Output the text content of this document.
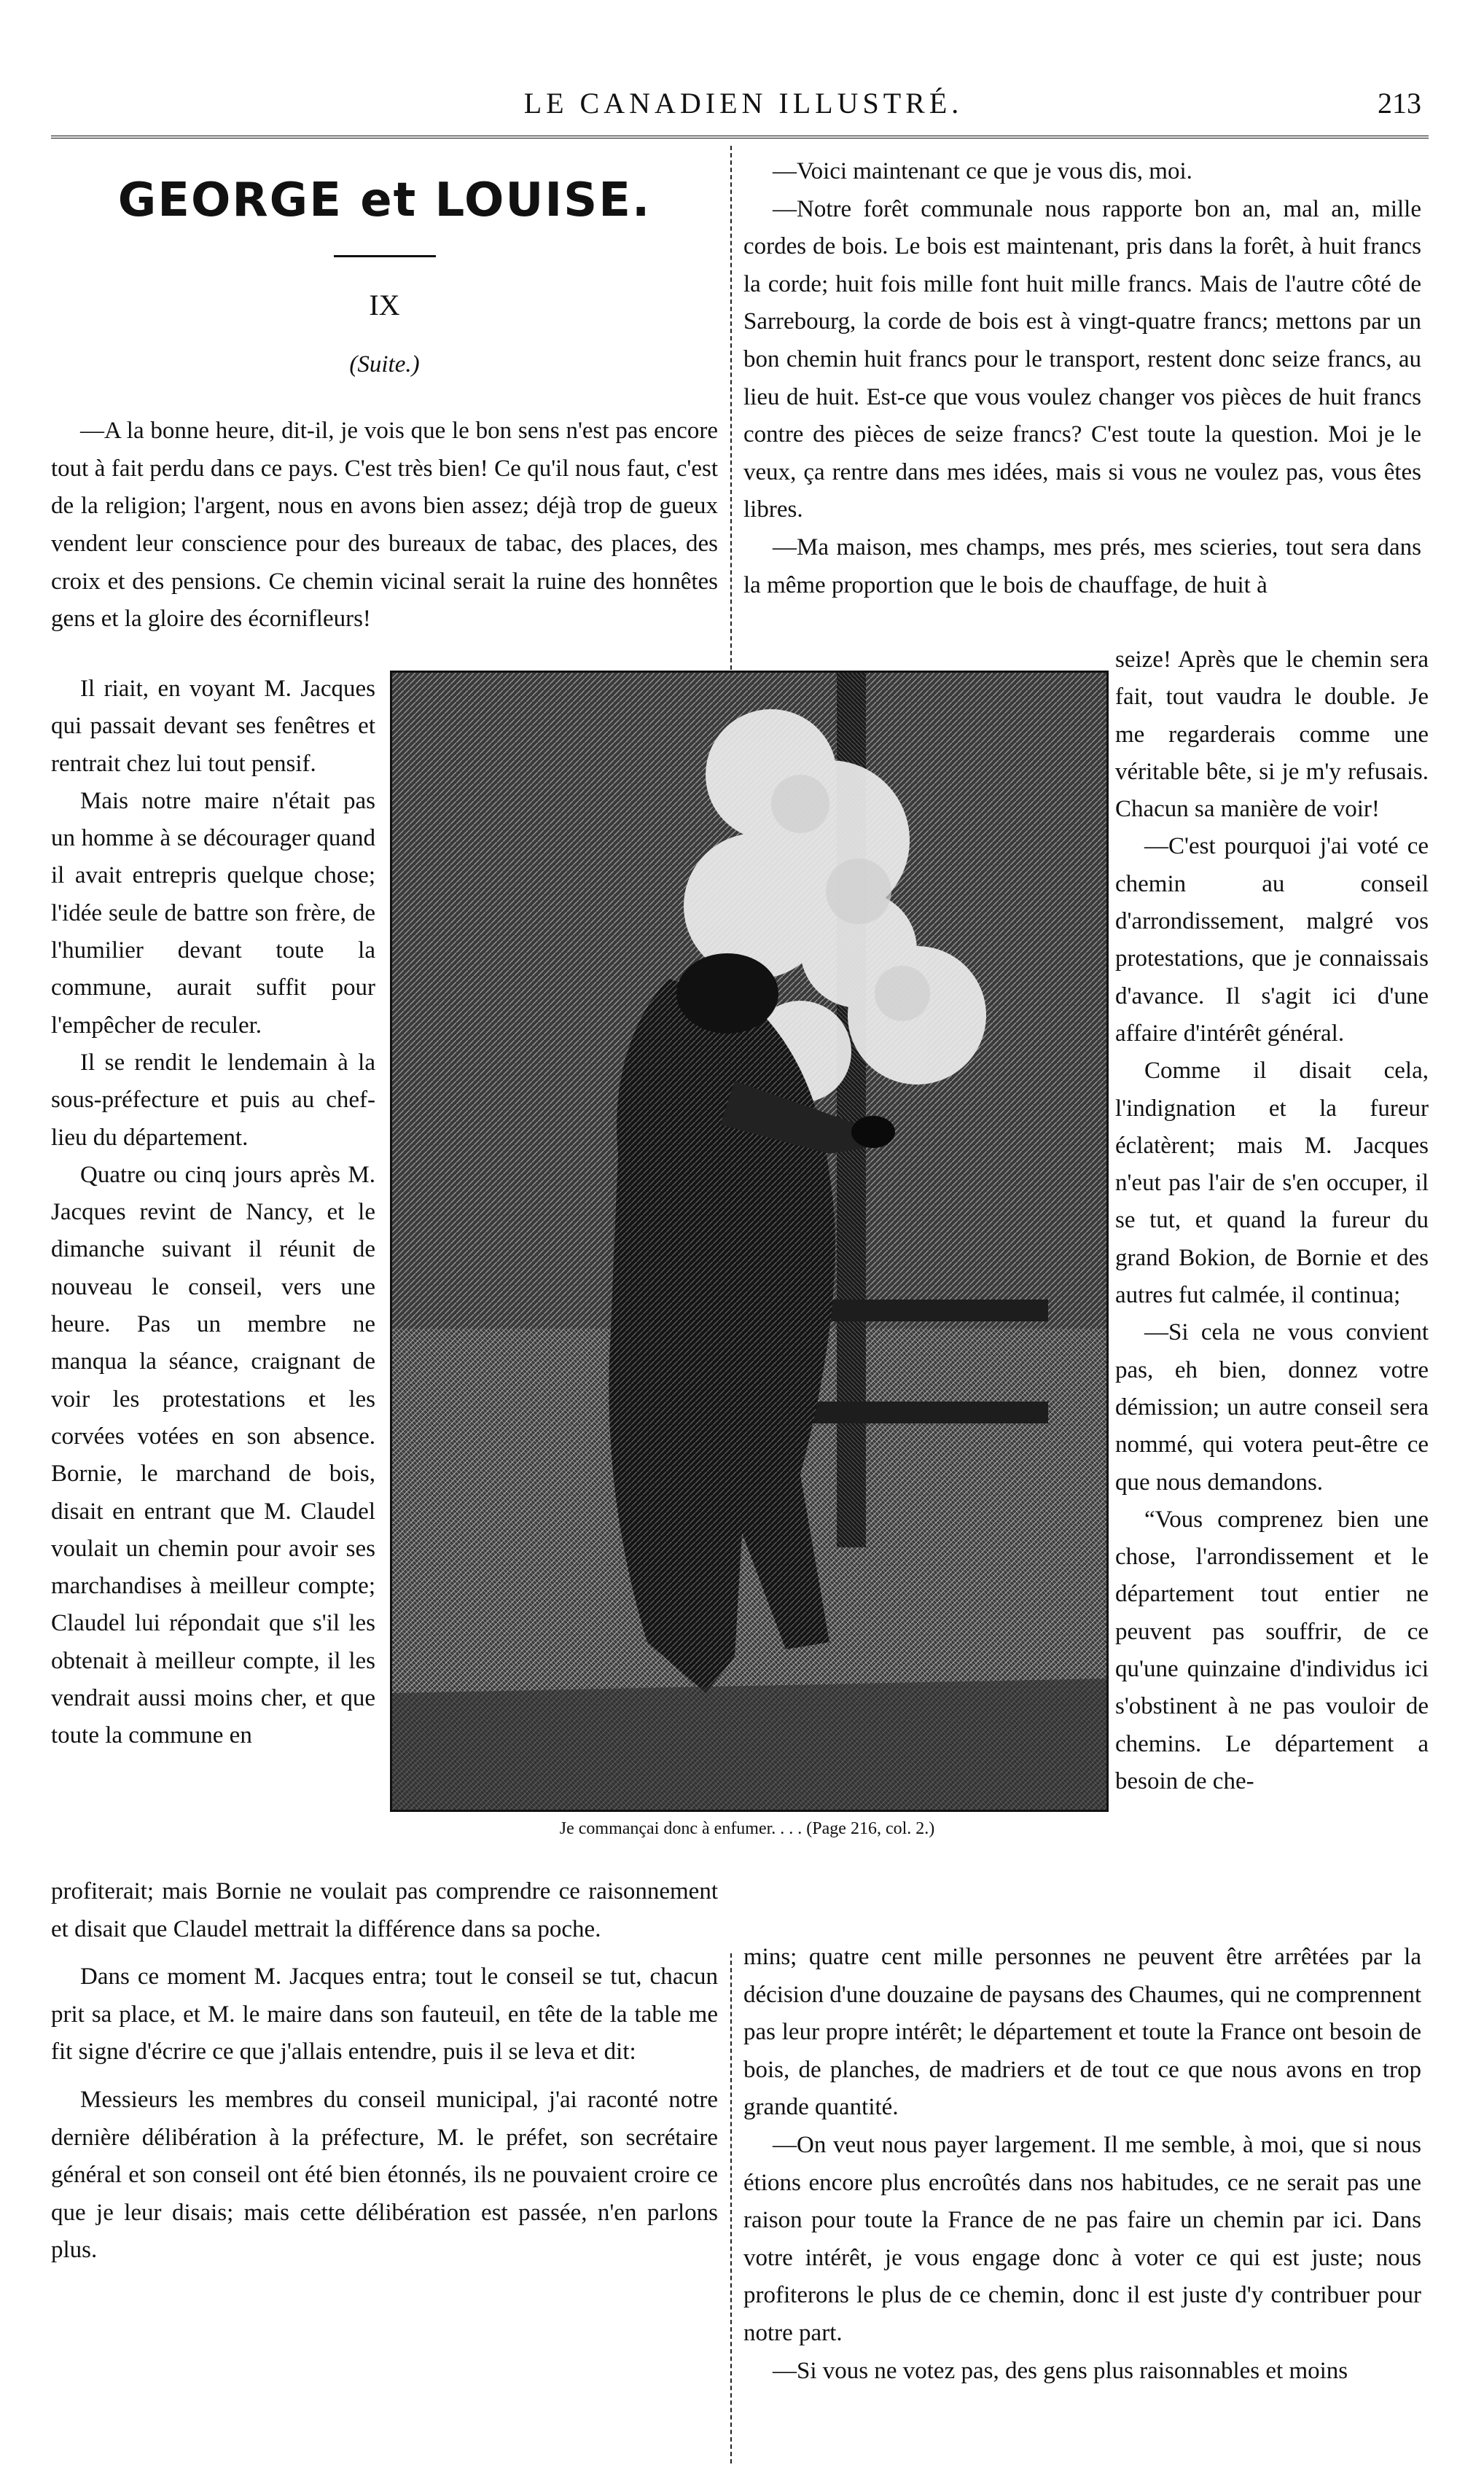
LE CANADIEN ILLUSTRÉ.	213
GEORGE et LOUISE.
IX
(Suite.)

—A la bonne heure, dit-il, je vois que le bon sens n'est pas encore tout à fait perdu dans ce pays. C'est très bien! Ce qu'il nous faut, c'est de la religion; l'argent, nous en avons bien assez; déjà trop de gueux vendent leur conscience pour des bureaux de tabac, des places, des croix et des pensions. Ce chemin vicinal serait la ruine des honnêtes gens et la gloire des écornifleurs!

—Voici maintenant ce que je vous dis, moi.

—Notre forêt communale nous rapporte bon an, mal an, mille cordes de bois. Le bois est maintenant, pris dans la forêt, à huit francs la corde; huit fois mille font huit mille francs. Mais de l'autre côté de Sarrebourg, la corde de bois est à vingt-quatre francs; mettons par un bon chemin huit francs pour le transport, restent donc seize francs, au lieu de huit. Est-ce que vous voulez changer vos pièces de huit francs contre des pièces de seize francs? C'est toute la question. Moi je le veux, ça rentre dans mes idées, mais si vous ne voulez pas, vous êtes libres.

—Ma maison, mes champs, mes prés, mes scieries, tout sera dans la même proportion que le bois de chauffage, de huit à

Il riait, en voyant M. Jacques qui passait devant ses fenêtres et rentrait chez lui tout pensif.

Mais notre maire n'était pas un homme à se décourager quand il avait entrepris quelque chose; l'idée seule de battre son frère, de l'humilier devant toute la commune, aurait suffit pour l'empêcher de reculer.

Il se rendit le lendemain à la sous-préfecture et puis au chef-lieu du département.

Quatre ou cinq jours après M. Jacques revint de Nancy, et le dimanche suivant il réunit de nouveau le conseil, vers une heure. Pas un membre ne manqua la séance, craignant de voir les protestations et les corvées votées en son absence. Bornie, le marchand de bois, disait en entrant que M. Claudel voulait un chemin pour avoir ses marchandises à meilleur compte; Claudel lui répondait que s'il les obtenait à meilleur compte, il les vendrait aussi moins cher, et que toute la commune en

Je commançai donc à enfumer. . . . (Page 216, col. 2.)

seize! Après que le chemin sera fait, tout vaudra le double. Je me regarderais comme une véritable bête, si je m'y refusais. Chacun sa manière de voir!

—C'est pourquoi j'ai voté ce chemin au conseil d'arrondissement, malgré vos protestations, que je connaissais d'avance. Il s'agit ici d'une affaire d'intérêt général.

Comme il disait cela, l'indignation et la fureur éclatèrent; mais M. Jacques n'eut pas l'air de s'en occuper, il se tut, et quand la fureur du grand Bokion, de Bornie et des autres fut calmée, il continua;

—Si cela ne vous convient pas, eh bien, donnez votre démission; un autre conseil sera nommé, qui votera peut-être ce que nous demandons.

“Vous comprenez bien une chose, l'arrondissement et le département tout entier ne peuvent pas souffrir, de ce qu'une quinzaine d'individus ici s'obstinent à ne pas vouloir de chemins. Le département a besoin de che-

profiterait; mais Bornie ne voulait pas comprendre ce raisonnement et disait que Claudel mettrait la différence dans sa poche.

Dans ce moment M. Jacques entra; tout le conseil se tut, chacun prit sa place, et M. le maire dans son fauteuil, en tête de la table me fit signe d'écrire ce que j'allais entendre, puis il se leva et dit:

Messieurs les membres du conseil municipal, j'ai raconté notre dernière délibération à la préfecture, M. le préfet, son secrétaire général et son conseil ont été bien étonnés, ils ne pouvaient croire ce que je leur disais; mais cette délibération est passée, n'en parlons plus.

mins; quatre cent mille personnes ne peuvent être arrêtées par la décision d'une douzaine de paysans des Chaumes, qui ne comprennent pas leur propre intérêt; le département et toute la France ont besoin de bois, de planches, de madriers et de tout ce que nous avons en trop grande quantité.

—On veut nous payer largement. Il me semble, à moi, que si nous étions encore plus encroûtés dans nos habitudes, ce ne serait pas une raison pour toute la France de ne pas faire un chemin par ici. Dans votre intérêt, je vous engage donc à voter ce qui est juste; nous profiterons le plus de ce chemin, donc il est juste d'y contribuer pour notre part.

—Si vous ne votez pas, des gens plus raisonnables et moins
